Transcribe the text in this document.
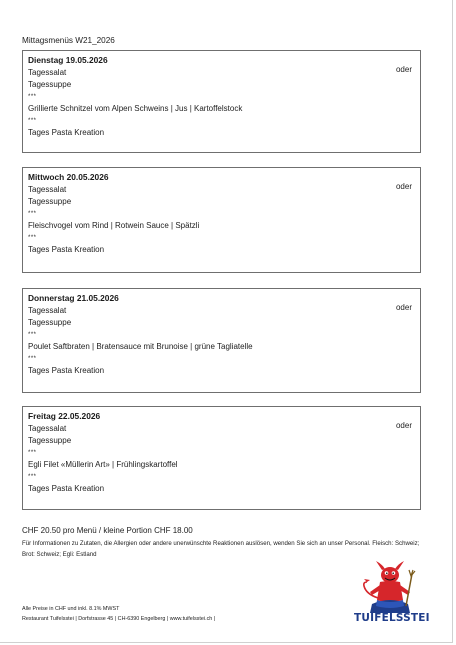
Mittagsmenüs W21_2026
Dienstag 19.05.2026
oder
Tagessalat
Tagessuppe
***
Grillierte Schnitzel vom Alpen Schweins | Jus | Kartoffelstock
***
Tages Pasta Kreation
Mittwoch 20.05.2026
oder
Tagessalat
Tagessuppe
***
Fleischvogel vom Rind | Rotwein Sauce | Spätzli
***
Tages Pasta Kreation
Donnerstag 21.05.2026
oder
Tagessalat
Tagessuppe
***
Poulet Saftbraten | Bratensauce mit Brunoise | grüne Tagliatelle
***
Tages Pasta Kreation
Freitag 22.05.2026
oder
Tagessalat
Tagessuppe
***
Egli Filet «Müllerin Art» | Frühlingskartoffel
***
Tages Pasta Kreation
CHF 20.50 pro Menü / kleine Portion CHF 18.00
Für Informationen zu Zutaten, die Allergien oder andere unerwünschte Reaktionen auslösen, wenden Sie sich an unser Personal. Fleisch: Schweiz; Brot: Schweiz; Egli: Estland
Alle Preise in CHF und inkl. 8.1% MWST
Restaurant Tuifelsstei | Dorfstrasse 45 | CH-6390 Engelberg | www.tuifelsstei.ch |	TUIFELSSTEI
